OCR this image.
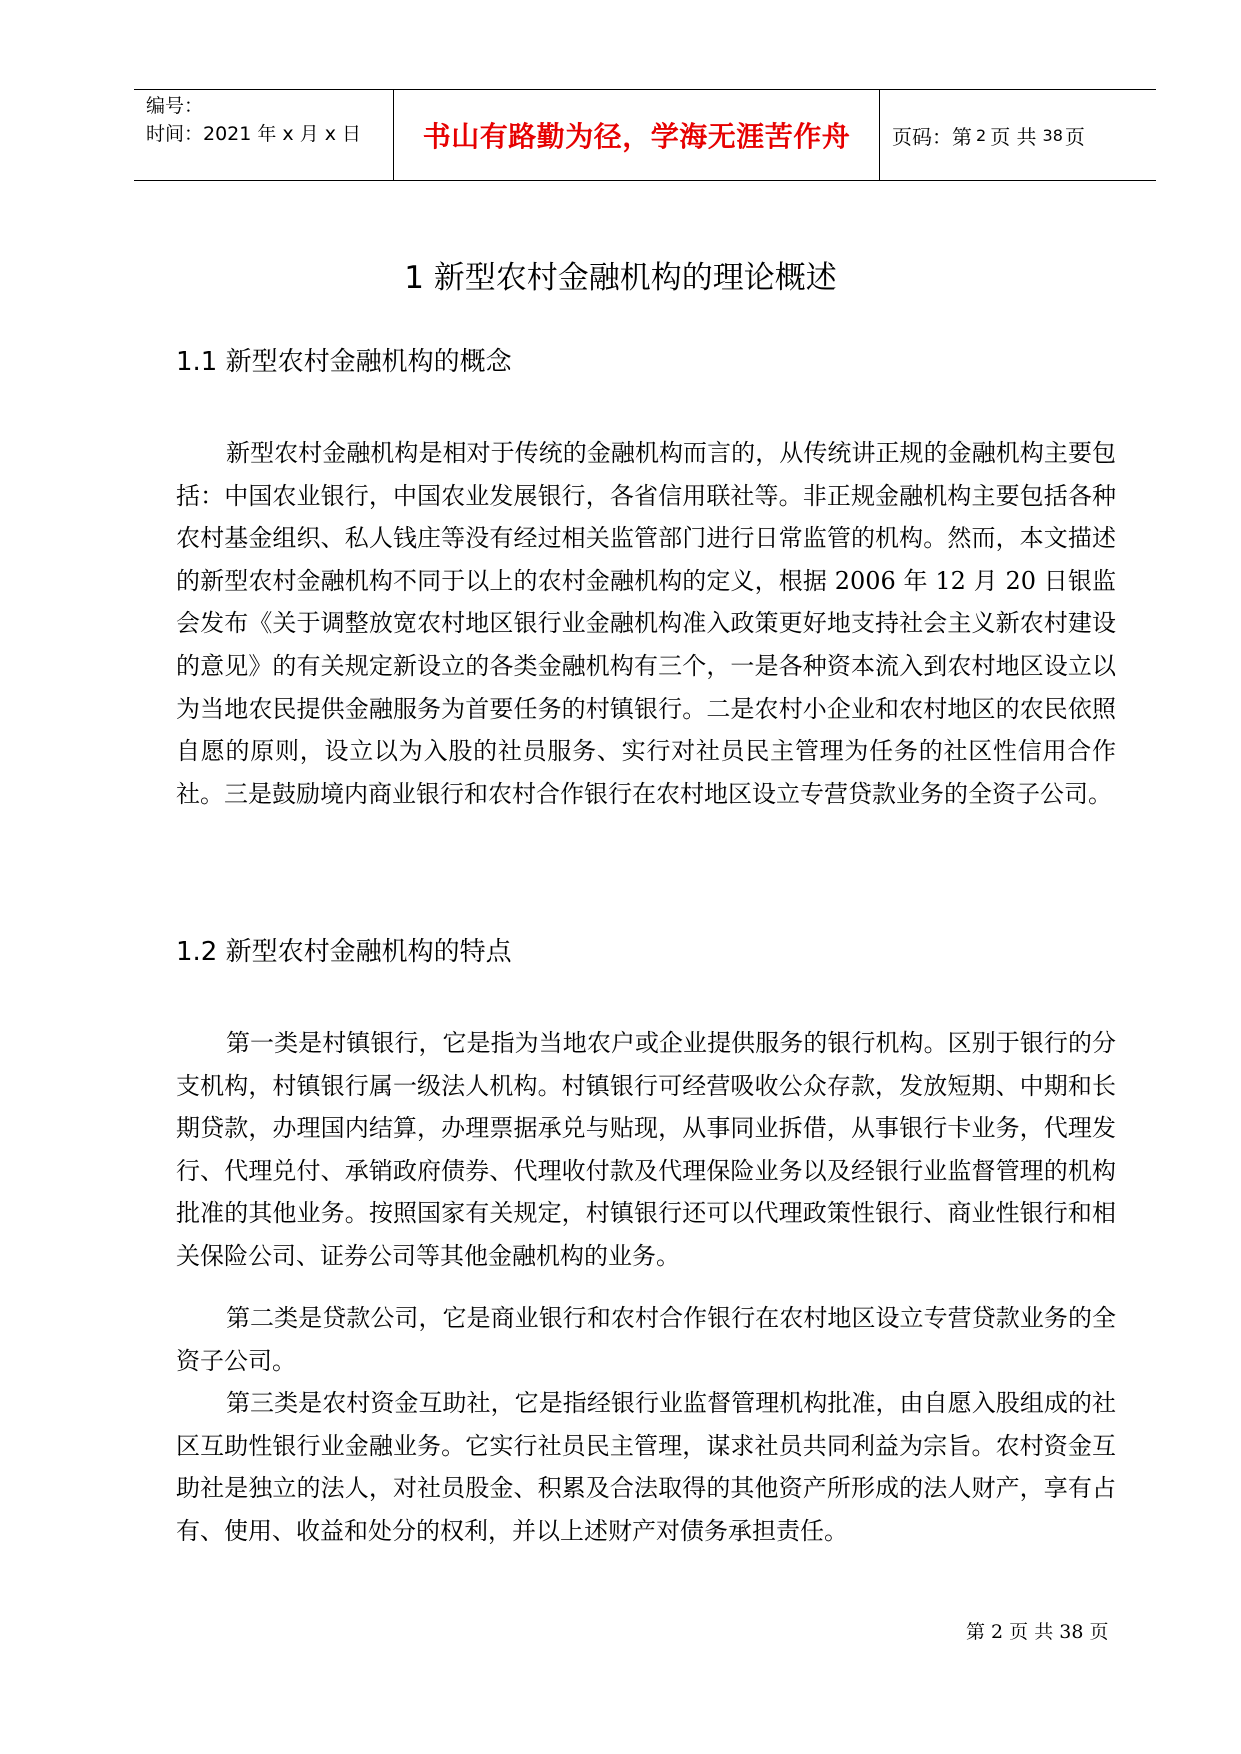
编号：
时间：2021 年 x 月 x 日	书山有路勤为径，学海无涯苦作舟	页码：第 2 页 共 38 页
1 新型农村金融机构的理论概述
1.1 新型农村金融机构的概念

新型农村金融机构是相对于传统的金融机构而言的，从传统讲正规的金融机构主要包括：中国农业银行，中国农业发展银行，各省信用联社等。非正规金融机构主要包括各种农村基金组织、私人钱庄等没有经过相关监管部门进行日常监管的机构。然而，本文描述的新型农村金融机构不同于以上的农村金融机构的定义，根据 2006 年 12 月 20 日银监会发布《关于调整放宽农村地区银行业金融机构准入政策更好地支持社会主义新农村建设的意见》的有关规定新设立的各类金融机构有三个，一是各种资本流入到农村地区设立以为当地农民提供金融服务为首要任务的村镇银行。二是农村小企业和农村地区的农民依照自愿的原则，设立以为入股的社员服务、实行对社员民主管理为任务的社区性信用合作社。三是鼓励境内商业银行和农村合作银行在农村地区设立专营贷款业务的全资子公司。

1.2 新型农村金融机构的特点

第一类是村镇银行，它是指为当地农户或企业提供服务的银行机构。区别于银行的分支机构，村镇银行属一级法人机构。村镇银行可经营吸收公众存款，发放短期、中期和长期贷款，办理国内结算，办理票据承兑与贴现，从事同业拆借，从事银行卡业务，代理发行、代理兑付、承销政府债券、代理收付款及代理保险业务以及经银行业监督管理的机构批准的其他业务。按照国家有关规定，村镇银行还可以代理政策性银行、商业性银行和相关保险公司、证券公司等其他金融机构的业务。

第二类是贷款公司，它是商业银行和农村合作银行在农村地区设立专营贷款业务的全资子公司。

第三类是农村资金互助社，它是指经银行业监督管理机构批准，由自愿入股组成的社区互助性银行业金融业务。它实行社员民主管理，谋求社员共同利益为宗旨。农村资金互助社是独立的法人，对社员股金、积累及合法取得的其他资产所形成的法人财产，享有占有、使用、收益和处分的权利，并以上述财产对债务承担责任。

第 2 页 共 38 页
